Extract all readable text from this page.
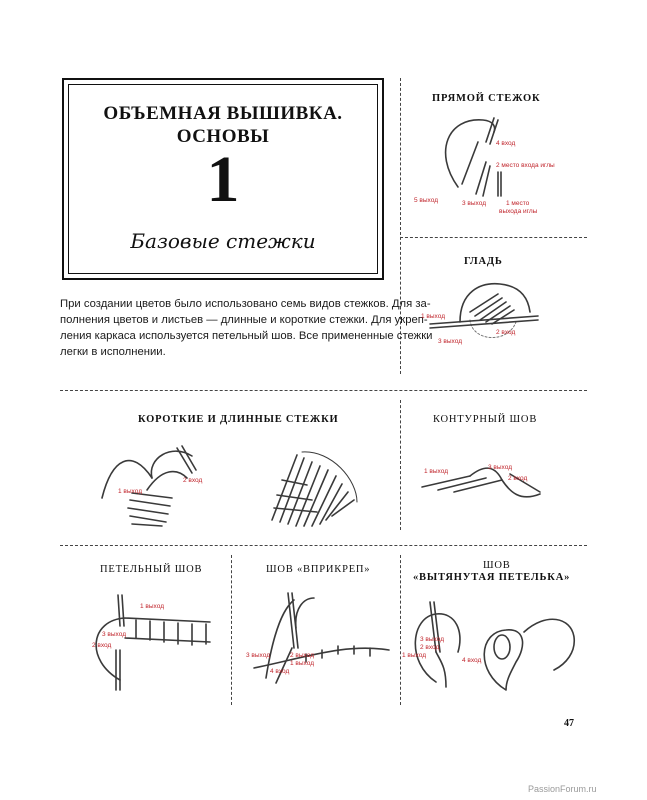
ОБЪЕМНАЯ ВЫШИВКА.
ОСНОВЫ
1
Базовые стежки
При создании цветов было использовано семь видов стежков. Для за-
полнения цветов и листьев — длинные и короткие стежки. Для укреп-
ления каркаса используется петельный шов. Все примененные стежки
легки в исполнении.
ПРЯМОЙ СТЕЖОК
4 вход
2 место входа иглы
5 выход	3 выход	1 место
выхода иглы
ГЛАДЬ
1 выход
2 вход
3 выход
КОРОТКИЕ И ДЛИННЫЕ СТЕЖКИ
1 выход
2 вход
КОНТУРНЫЙ ШОВ
1 выход
3 выход
2 вход
ПЕТЕЛЬНЫЙ ШОВ
1 выход
3 выход
2 вход
ШОВ «ВПРИКРЕП»
3 выход	2 выход
1 выход
4 вход
ШОВ
«ВЫТЯНУТАЯ ПЕТЕЛЬКА»
3 выход
2 вход
1 выход
4 вход
47
PassionForum.ru
